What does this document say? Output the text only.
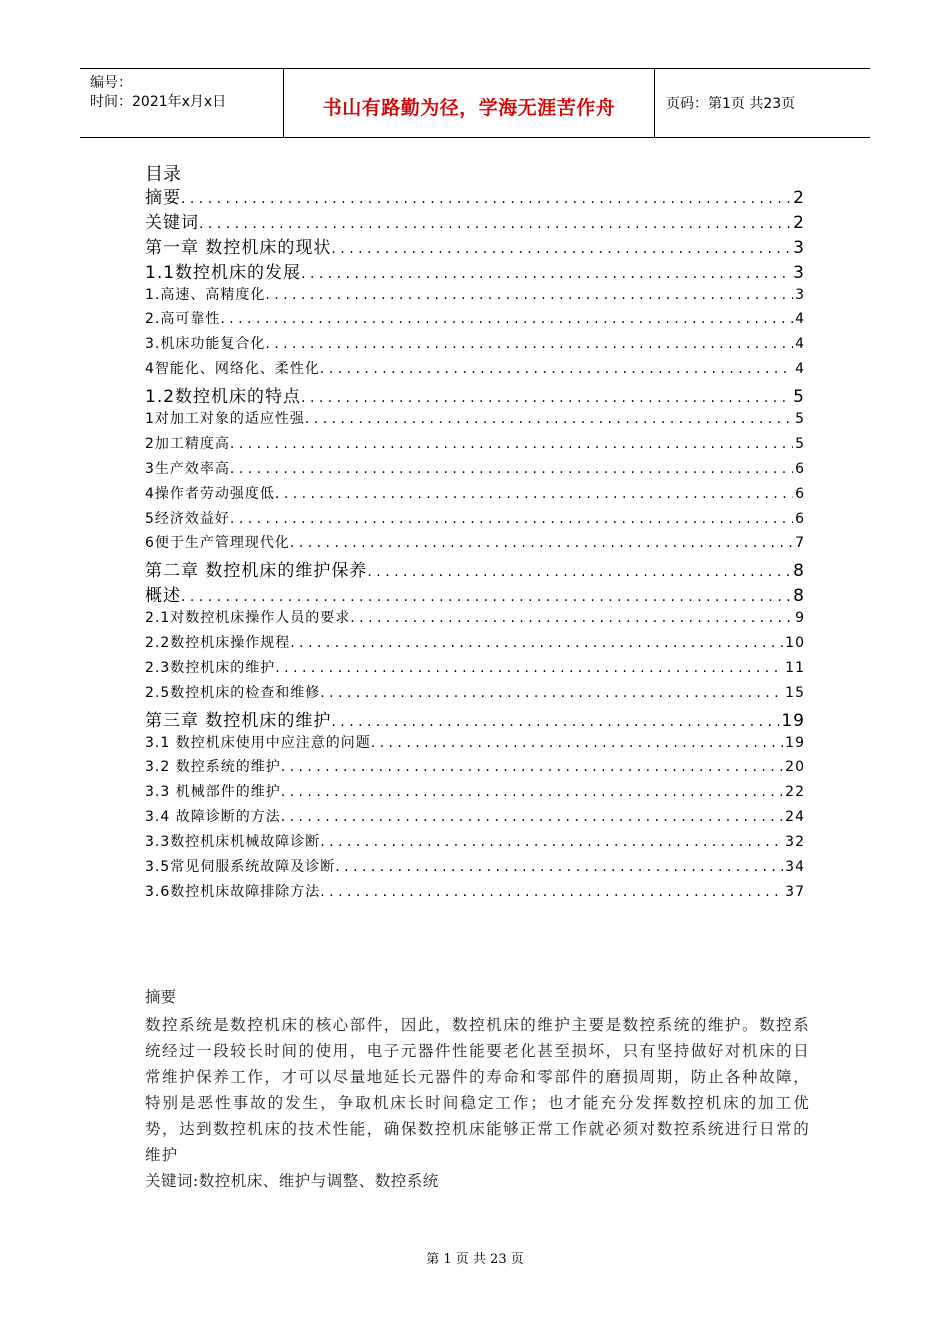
编号：
时间：2021年x月x日	书山有路勤为径，学海无涯苦作舟	页码：第1页 共23页
目录
摘要 . . .	2
关键词 . . .	2
第一章 数控机床的现状 . . .	3
1.1数控机床的发展 . . .	3
1.高速、高精度化 . . .	3
2.高可靠性 . . .	4
3.机床功能复合化 . . .	4
4智能化、网络化、柔性化 . . .	4
1.2数控机床的特点 . . .	5
1对加工对象的适应性强 . . .	5
2加工精度高 . . .	5
3生产效率高 . . .	6
4操作者劳动强度低 . . .	6
5经济效益好 . . .	6
6便于生产管理现代化 . . .	7
第二章 数控机床的维护保养 . . .	8
概述 . . .	8
2.1对数控机床操作人员的要求 . . .	9
2.2数控机床操作规程 . . .	10
2.3数控机床的维护 . . .	11
2.5数控机床的检查和维修 . . .	15
第三章 数控机床的维护 . . .	19
3.1 数控机床使用中应注意的问题 . . .	19
3.2 数控系统的维护 . . .	20
3.3 机械部件的维护 . . .	22
3.4 故障诊断的方法 . . .	24
3.3数控机床机械故障诊断 . . .	32
3.5常见伺服系统故障及诊断 . . .	34
3.6数控机床故障排除方法 . . .	37
摘要
数控系统是数控机床的核心部件，因此，数控机床的维护主要是数控系统的维护。数控系统经过一段较长时间的使用，电子元器件性能要老化甚至损坏，只有坚持做好对机床的日常维护保养工作，才可以尽量地延长元器件的寿命和零部件的磨损周期，防止各种故障，特别是恶性事故的发生，争取机床长时间稳定工作；也才能充分发挥数控机床的加工优势，达到数控机床的技术性能，确保数控机床能够正常工作就必须对数控系统进行日常的维护
关键词:数控机床、维护与调整、数控系统
第 1 页 共 23 页
